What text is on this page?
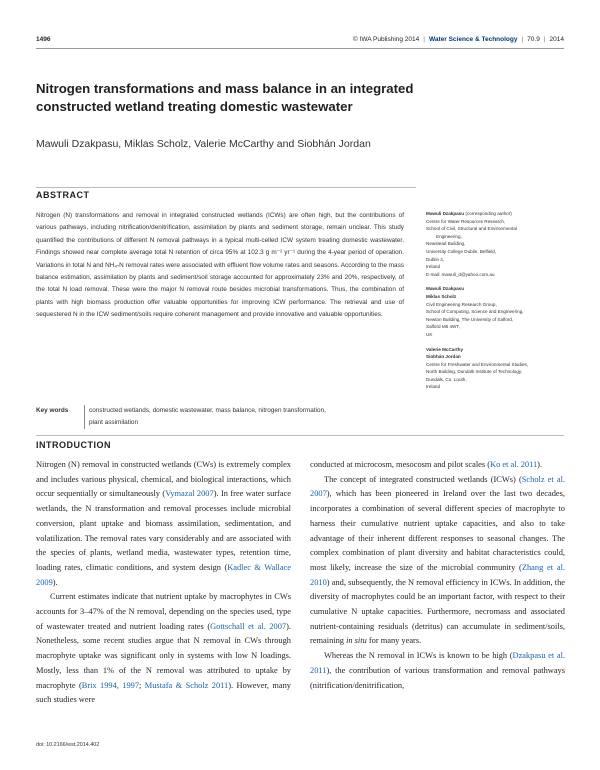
1496	© IWA Publishing 2014 | Water Science & Technology | 70.9 | 2014
Nitrogen transformations and mass balance in an integrated constructed wetland treating domestic wastewater
Mawuli Dzakpasu, Miklas Scholz, Valerie McCarthy and Siobhán Jordan
ABSTRACT
Nitrogen (N) transformations and removal in integrated constructed wetlands (ICWs) are often high, but the contributions of various pathways, including nitrification/denitrification, assimilation by plants and sediment storage, remain unclear. This study quantified the contributions of different N removal pathways in a typical multi-celled ICW system treating domestic wastewater. Findings showed near complete average total N retention of circa 95% at 102.3 g m⁻² yr⁻¹ during the 4-year period of operation. Variations in total N and NH₄-N removal rates were associated with effluent flow volume rates and seasons. According to the mass balance estimation, assimilation by plants and sediment/soil storage accounted for approximately 23% and 20%, respectively, of the total N load removal. These were the major N removal route besides microbial transformations. Thus, the combination of plants with high biomass production offer valuable opportunities for improving ICW performance. The retrieval and use of sequestered N in the ICW sediment/soils require coherent management and provide innovative and valuable opportunities.
Key words	constructed wetlands, domestic wastewater, mass balance, nitrogen transformation,
plant assimilation
Mawuli Dzakpasu (corresponding author)
Centre for Water Resources Research,
School of Civil, Structural and Environmental
Engineering,
Newstead Building,
University College Dublin, Belfield,
Dublin 4,
Ireland
E-mail: mawuli_d@yahoo.com.au
Mawuli Dzakpasu
Miklas Scholz
Civil Engineering Research Group,
School of Computing, Science and Engineering,
Newton Building, The University of Salford,
Salford M5 4WT,
UK
Valerie McCarthy
Siobhán Jordan
Centre for Freshwater and Environmental Studies,
North Building, Dundalk Institute of Technology,
Dundalk, Co. Louth,
Ireland
INTRODUCTION

Nitrogen (N) removal in constructed wetlands (CWs) is extremely complex and includes various physical, chemical, and biological interactions, which occur sequentially or simultaneously (Vymazal 2007). In free water surface wetlands, the N transformation and removal processes include microbial conversion, plant uptake and biomass assimilation, sedimentation, and volatilization. The removal rates vary considerably and are associated with the species of plants, wetland media, wastewater types, retention time, loading rates, climatic conditions, and system design (Kadlec & Wallace 2009).

Current estimates indicate that nutrient uptake by macrophytes in CWs accounts for 3–47% of the N removal, depending on the species used, type of wastewater treated and nutrient loading rates (Gottschall et al. 2007). Nonetheless, some recent studies argue that N removal in CWs through macrophyte uptake was significant only in systems with low N loadings. Mostly, less than 1% of the N removal was attributed to uptake by macrophyte (Brix 1994, 1997; Mustafa & Scholz 2011). However, many such studies were

conducted at microcosm, mesocosm and pilot scales (Ko et al. 2011).

The concept of integrated constructed wetlands (ICWs) (Scholz et al. 2007), which has been pioneered in Ireland over the last two decades, incorporates a combination of several different species of macrophyte to harness their cumulative nutrient uptake capacities, and also to take advantage of their inherent different responses to seasonal changes. The complex combination of plant diversity and habitat characteristics could, most likely, increase the size of the microbial community (Zhang et al. 2010) and, subsequently, the N removal efficiency in ICWs. In addition, the diversity of macrophytes could be an important factor, with respect to their cumulative N uptake capacities. Furthermore, necromass and associated nutrient-containing residuals (detritus) can accumulate in sediment/soils, remaining in situ for many years.

Whereas the N removal in ICWs is known to be high (Dzakpasu et al. 2011), the contribution of various transformation and removal pathways (nitrification/denitrification,

doi: 10.2166/wst.2014.402
